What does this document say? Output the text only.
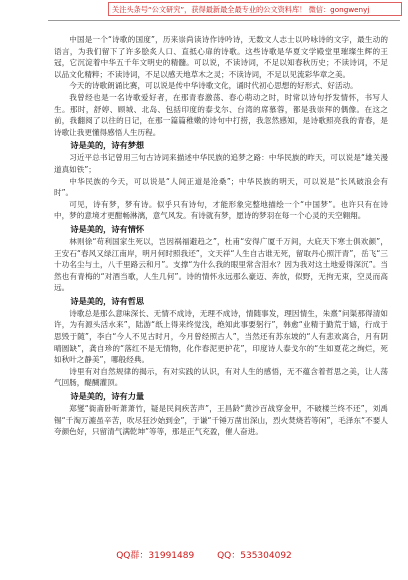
关注头条号“公文研究”，获得最新最全最专业的公文资料库！ 微信：gongwenyj

中国是一个“诗歌的国度”，历来崇尚读诗作诗吟诗，无数文人志士以吟咏诗的文字，最生动的语言，为我们留下了许多脍炙人口、直抵心扉的诗歌。这些诗歌是华夏文学殿堂里璀璨生辉的王冠，它沉淀着中华五千年文明史的精髓。可以说，不读诗词，不足以知春秋历史；不读诗词，不足以品文化精粹；不读诗词，不足以感天地草木之灵；不读诗词，不足以见流彩华章之美。

今天的诗歌朗诵比赛，可以说是传中华诗歌文化，诵时代初心思想的好形式、好活动。

我曾经也是一名诗歌爱好者，在那青春激荡、春心萌动之时，时常以诗句抒发情怀，书写人生。那时，舒婷、顾城、北岛、包括印度的泰戈尔、台湾的席慕蓉，都是我崇拜的偶像。在这之前，我翻阅了以往的日记，在那一篇篇稚嫩的诗句中打捞，我忽然感知，是诗歌照亮我的青春，是诗歌让我更懂得感悟人生历程。

诗是美的，诗有梦想

习近平总书记曾用三句古诗词来描述中华民族的追梦之路：中华民族的昨天，可以说是“雄关漫道真如铁”；

中华民族的今天，可以说是“人间正道是沧桑”；中华民族的明天，可以说是“长风破浪会有时”。

可见，诗有梦，梦有诗。似乎只有诗句，才能形象完整地描绘一个“中国梦”。也许只有在诗中，梦的意境才更酣畅淋漓，意气风发。有诗就有梦，愿诗的梦羽在每一个心灵的天空翱翔。

诗是美的，诗有情怀

林则徐“苟利国家生死以，岂因祸福避趋之”，杜甫“安得广厦千万间，大庇天下寒士俱欢颜”，王安石“春风又绿江南岸，明月何时照我还”，文天祥“人生自古谁无死，留取丹心照汗青”，岳飞“三十功名尘与土，八千里路云和月”。支撑“为什么我的眼里常含泪水？因为我对这土地爱得深沉”。当然也有青梅的“对酒当歌，人生几何”。诗的情怀永远那么豪迈、奔放，似野，无拘无束，空灵而高远。

诗是美的，诗有哲思

诗歌总是那么意味深长、无情不成诗，无理不成诗，情随事发，理因情生，朱熹“问渠那得清如许，为有源头活水来”，陆游“纸上得来终觉浅，绝知此事要躬行”，韩愈“业精于勤荒于嬉，行成于思毁于随”，李白“今人不见古时月，今月曾经照古人”，当然还有苏东坡的“人有悲欢离合，月有阴晴圆缺”，龚自珍的“落红不是无情物，化作春泥更护花”，印度诗人泰戈尔的“生如夏花之绚烂，死如秋叶之静美”，哪般经典。

诗里有对自然规律的揭示，有对实践的认识，有对人生的感悟，无不蕴含着哲思之美，让人荡气回肠，醍醐灌顶。

诗是美的，诗有力量

郑燮“衙斋卧听萧萧竹，疑是民间疾苦声”，王昌龄“黄沙百战穿金甲，不破楼兰终不还”，刘禹锡“千淘万漉虽辛苦，吹尽狂沙始到金”，于谦“千锤万凿出深山，烈火焚烧若等闲”，毛泽东“不要人夸颜色好，只留清气满乾坤”等等，那是正气充盈，催人奋进。

QQ群：31991489	QQ：535304092
